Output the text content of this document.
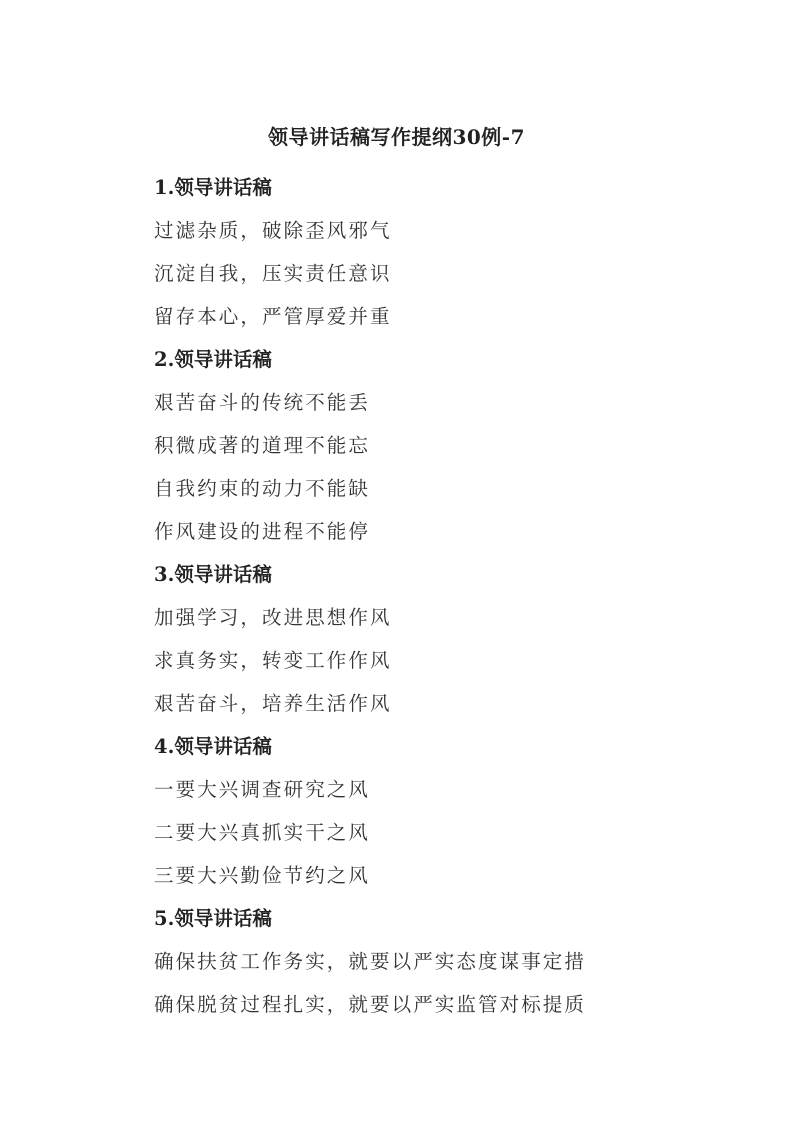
领导讲话稿写作提纲30例-7
1.领导讲话稿
过滤杂质，破除歪风邪气
沉淀自我，压实责任意识
留存本心，严管厚爱并重
2.领导讲话稿
艰苦奋斗的传统不能丢
积微成著的道理不能忘
自我约束的动力不能缺
作风建设的进程不能停
3.领导讲话稿
加强学习，改进思想作风
求真务实，转变工作作风
艰苦奋斗，培养生活作风
4.领导讲话稿
一要大兴调查研究之风
二要大兴真抓实干之风
三要大兴勤俭节约之风
5.领导讲话稿
确保扶贫工作务实，就要以严实态度谋事定措
确保脱贫过程扎实，就要以严实监管对标提质
